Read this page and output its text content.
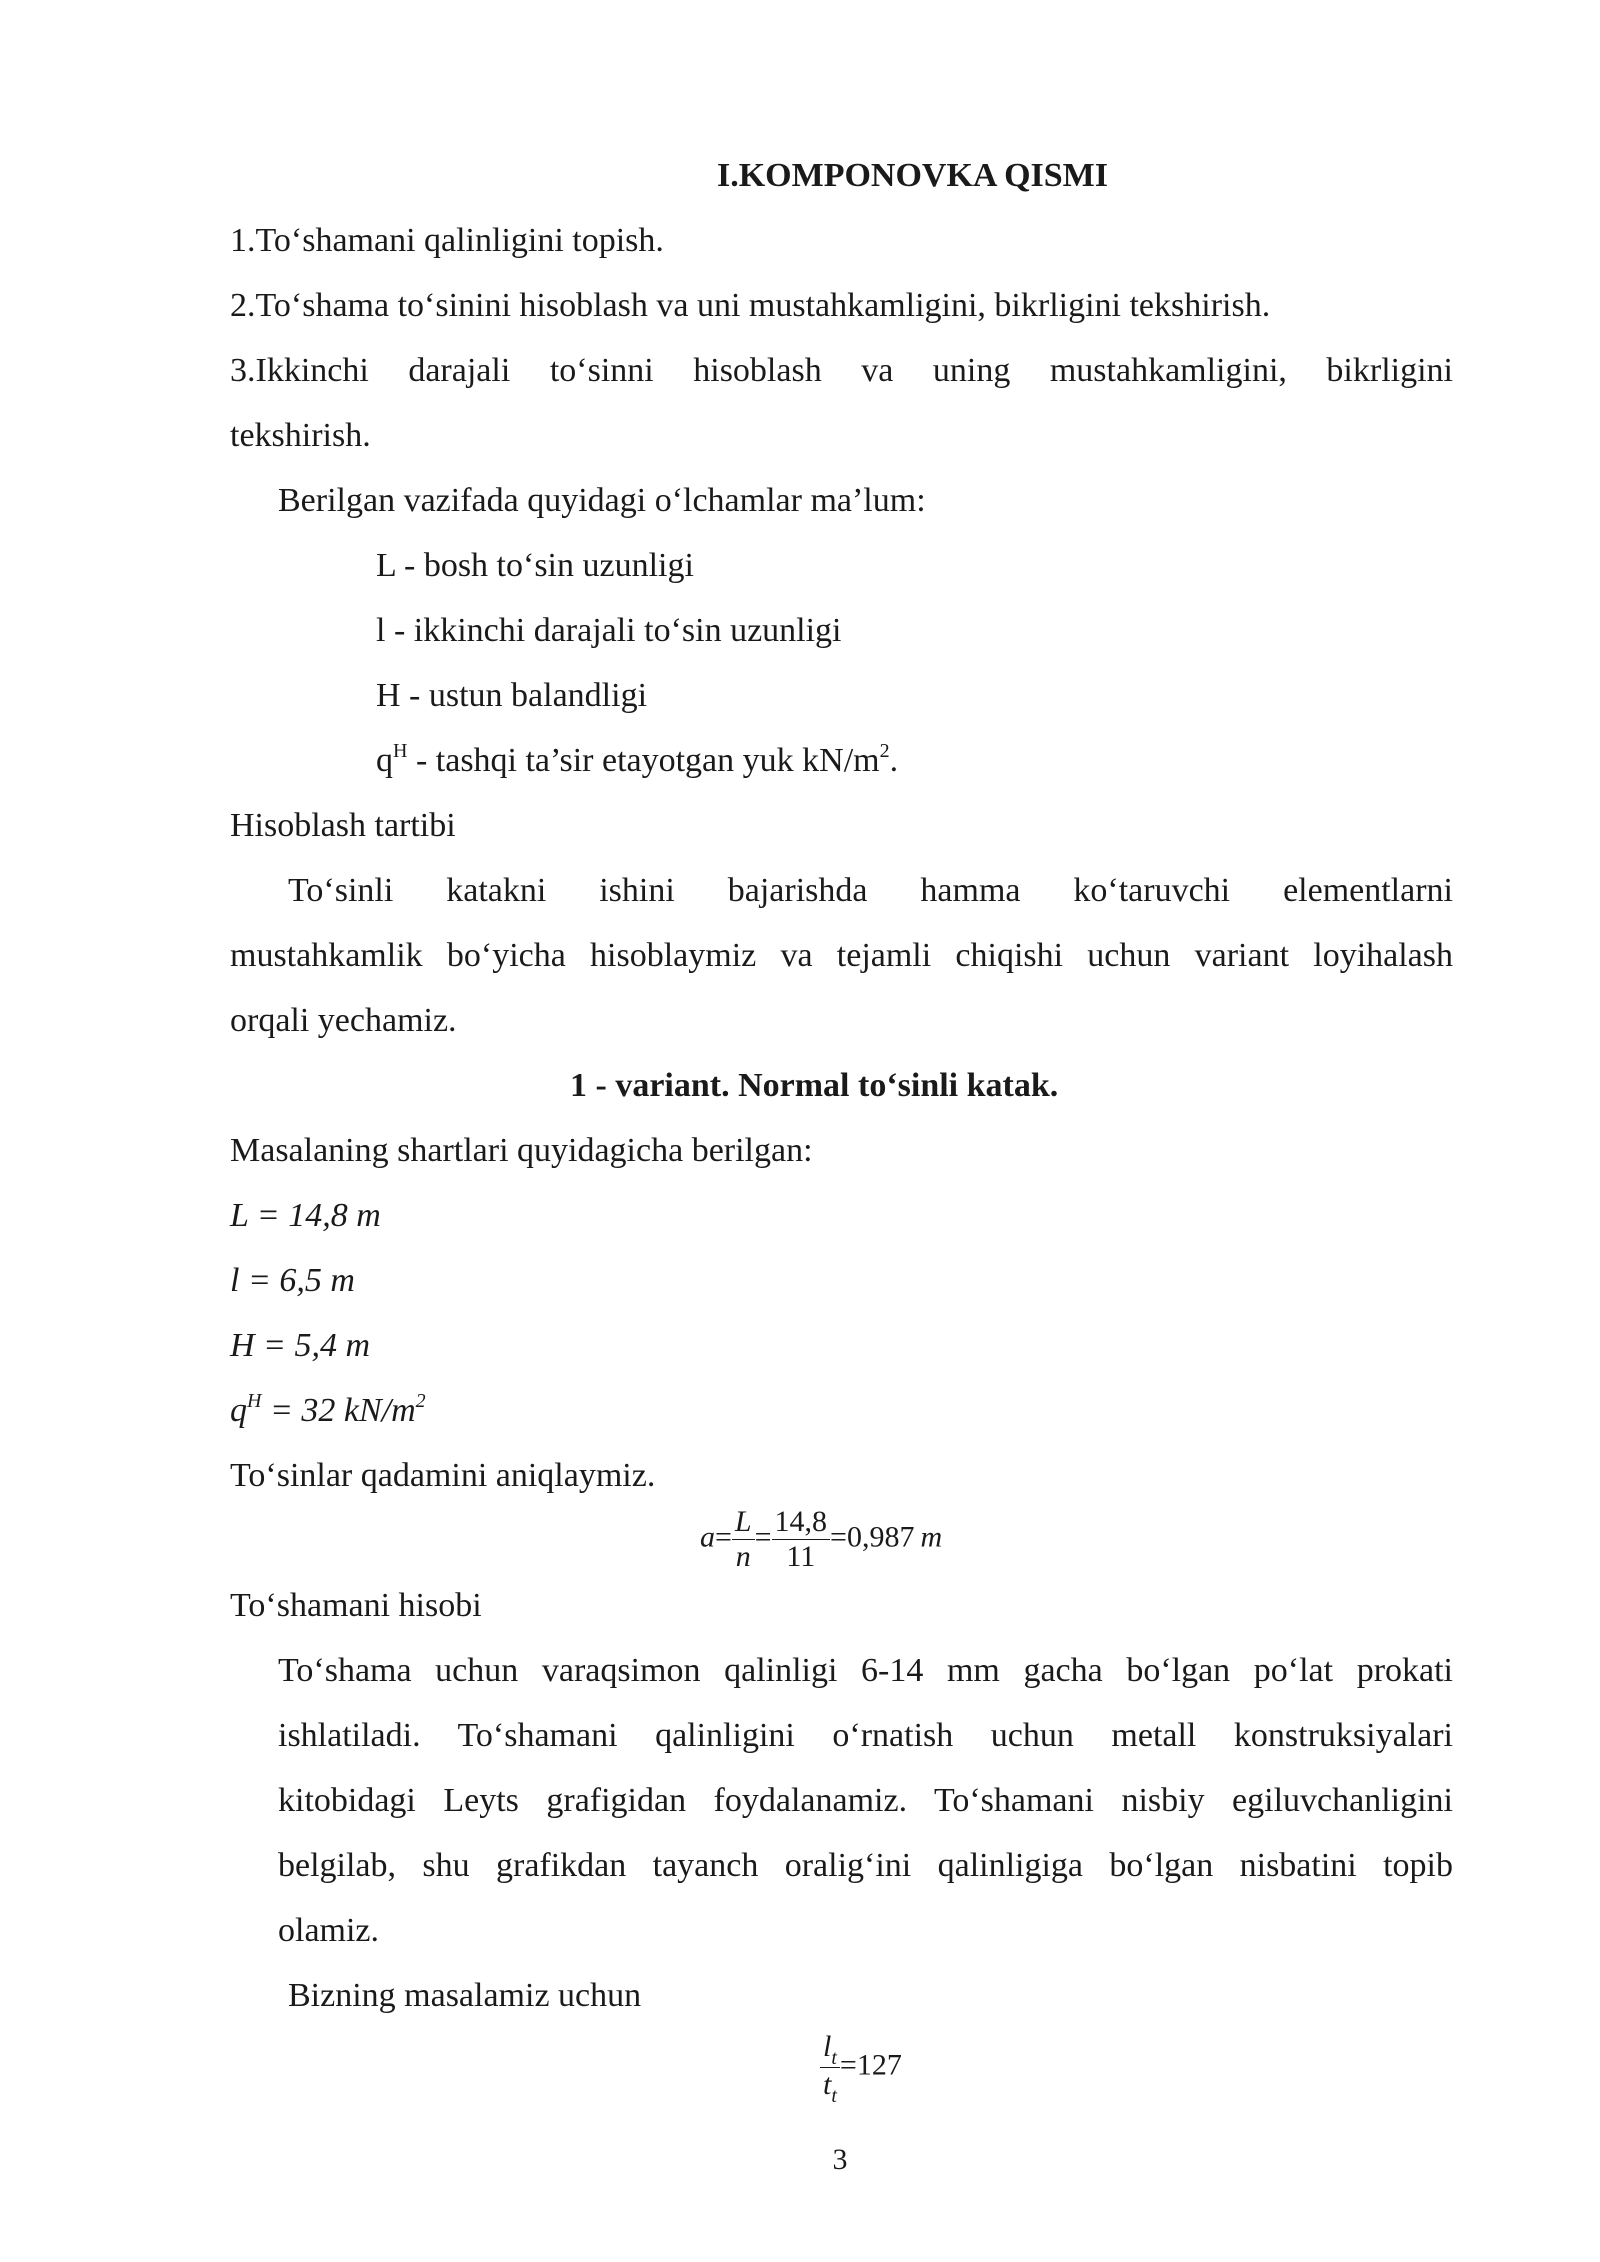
I.KOMPONOVKA QISMI
1.To‘shamani qalinligini topish.
2.To‘shama to‘sinini hisoblash va uni mustahkamligini, bikrligini tekshirish.
3.Ikkinchi darajali to‘sinni hisoblash va uning mustahkamligini, bikrligini
tekshirish.
Berilgan vazifada quyidagi o‘lchamlar ma’lum:
L - bosh to‘sin uzunligi
l - ikkinchi darajali to‘sin uzunligi
H - ustun balandligi
$q^H$ - tashqi ta’sir etayotgan yuk $kN/m^2$.
Hisoblash tartibi
To‘sinli katakni ishini bajarishda hamma ko‘taruvchi elementlarni
mustahkamlik bo‘yicha hisoblaymiz va tejamli chiqishi uchun variant loyihalash
orqali yechamiz.
1 - variant. Normal to‘sinli katak.
Masalaning shartlari quyidagicha berilgan:
L = 14,8 m
l = 6,5 m
H = 5,4 m
$q^H = 32$ $kN/m^2$
To‘sinlar qadamini aniqlaymiz.
$a= \frac{L}{n} = \frac{14,8}{11} =0,987$  m
To‘shamani hisobi
To‘shama uchun varaqsimon qalinligi 6-14 mm gacha bo‘lgan po‘lat prokati
ishlatiladi. To‘shamani qalinligini o‘rnatish uchun metall konstruksiyalari
kitobidagi Leyts grafigidan foydalanamiz. To‘shamani nisbiy egiluvchanligini
belgilab, shu grafikdan tayanch oralig‘ini qalinligiga bo‘lgan nisbatini topib
olamiz.
Bizning masalamiz uchun
$\frac{l_t}{t_t} =127$
3
